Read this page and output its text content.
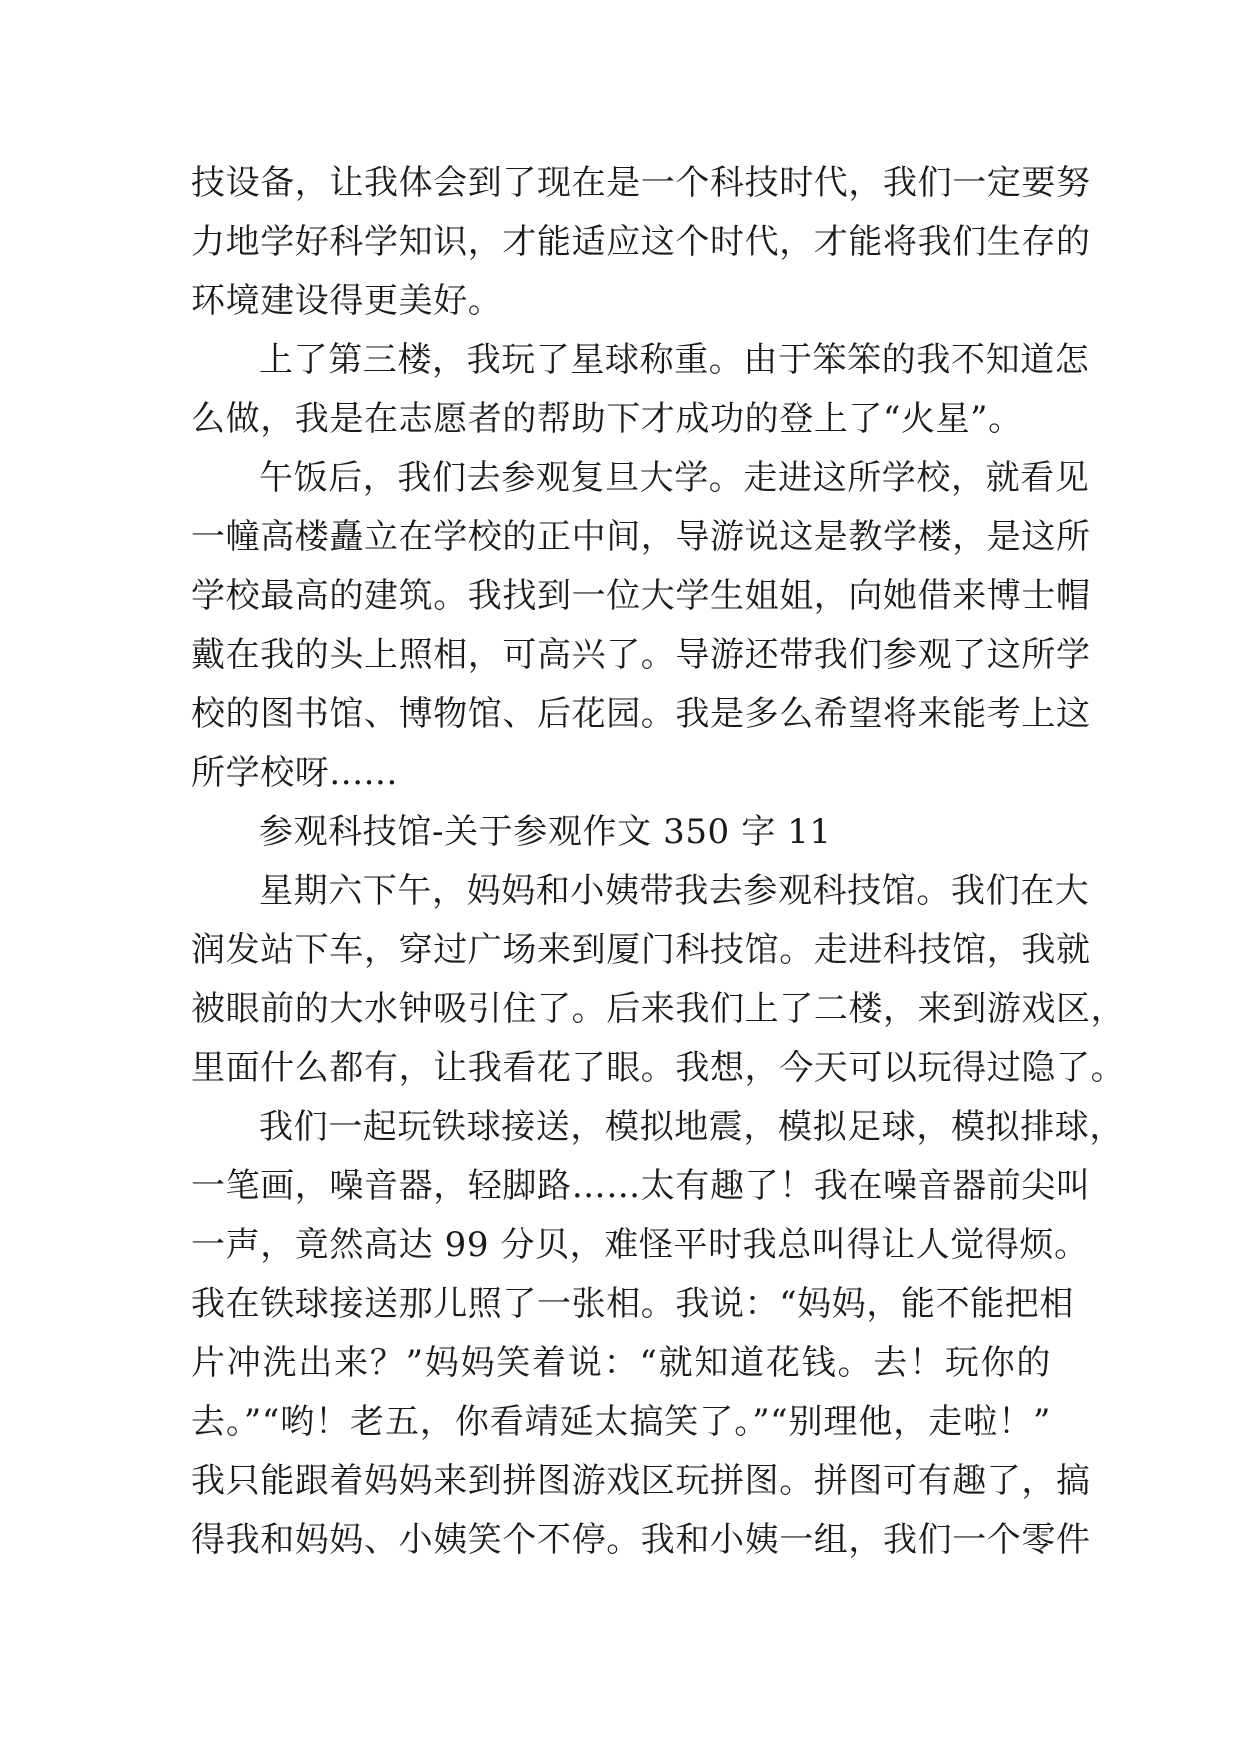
技设备，让我体会到了现在是一个科技时代，我们一定要努
力地学好科学知识，才能适应这个时代，才能将我们生存的
环境建设得更美好。
上了第三楼，我玩了星球称重。由于笨笨的我不知道怎
么做，我是在志愿者的帮助下才成功的登上了“火星”。
午饭后，我们去参观复旦大学。走进这所学校，就看见
一幢高楼矗立在学校的正中间，导游说这是教学楼，是这所
学校最高的建筑。我找到一位大学生姐姐，向她借来博士帽
戴在我的头上照相，可高兴了。导游还带我们参观了这所学
校的图书馆、博物馆、后花园。我是多么希望将来能考上这
所学校呀......
参观科技馆-关于参观作文 350 字 11
星期六下午，妈妈和小姨带我去参观科技馆。我们在大
润发站下车，穿过广场来到厦门科技馆。走进科技馆，我就
被眼前的大水钟吸引住了。后来我们上了二楼，来到游戏区，
里面什么都有，让我看花了眼。我想，今天可以玩得过隐了。
我们一起玩铁球接送，模拟地震，模拟足球，模拟排球，
一笔画，噪音器，轻脚路……太有趣了！我在噪音器前尖叫
一声，竟然高达 99 分贝，难怪平时我总叫得让人觉得烦。
我在铁球接送那儿照了一张相。我说：“妈妈，能不能把相
片冲洗出来？”妈妈笑着说：“就知道花钱。去！玩你的
去。”“哟！老五，你看靖延太搞笑了。”“别理他，走啦！”
我只能跟着妈妈来到拼图游戏区玩拼图。拼图可有趣了，搞
得我和妈妈、小姨笑个不停。我和小姨一组，我们一个零件
